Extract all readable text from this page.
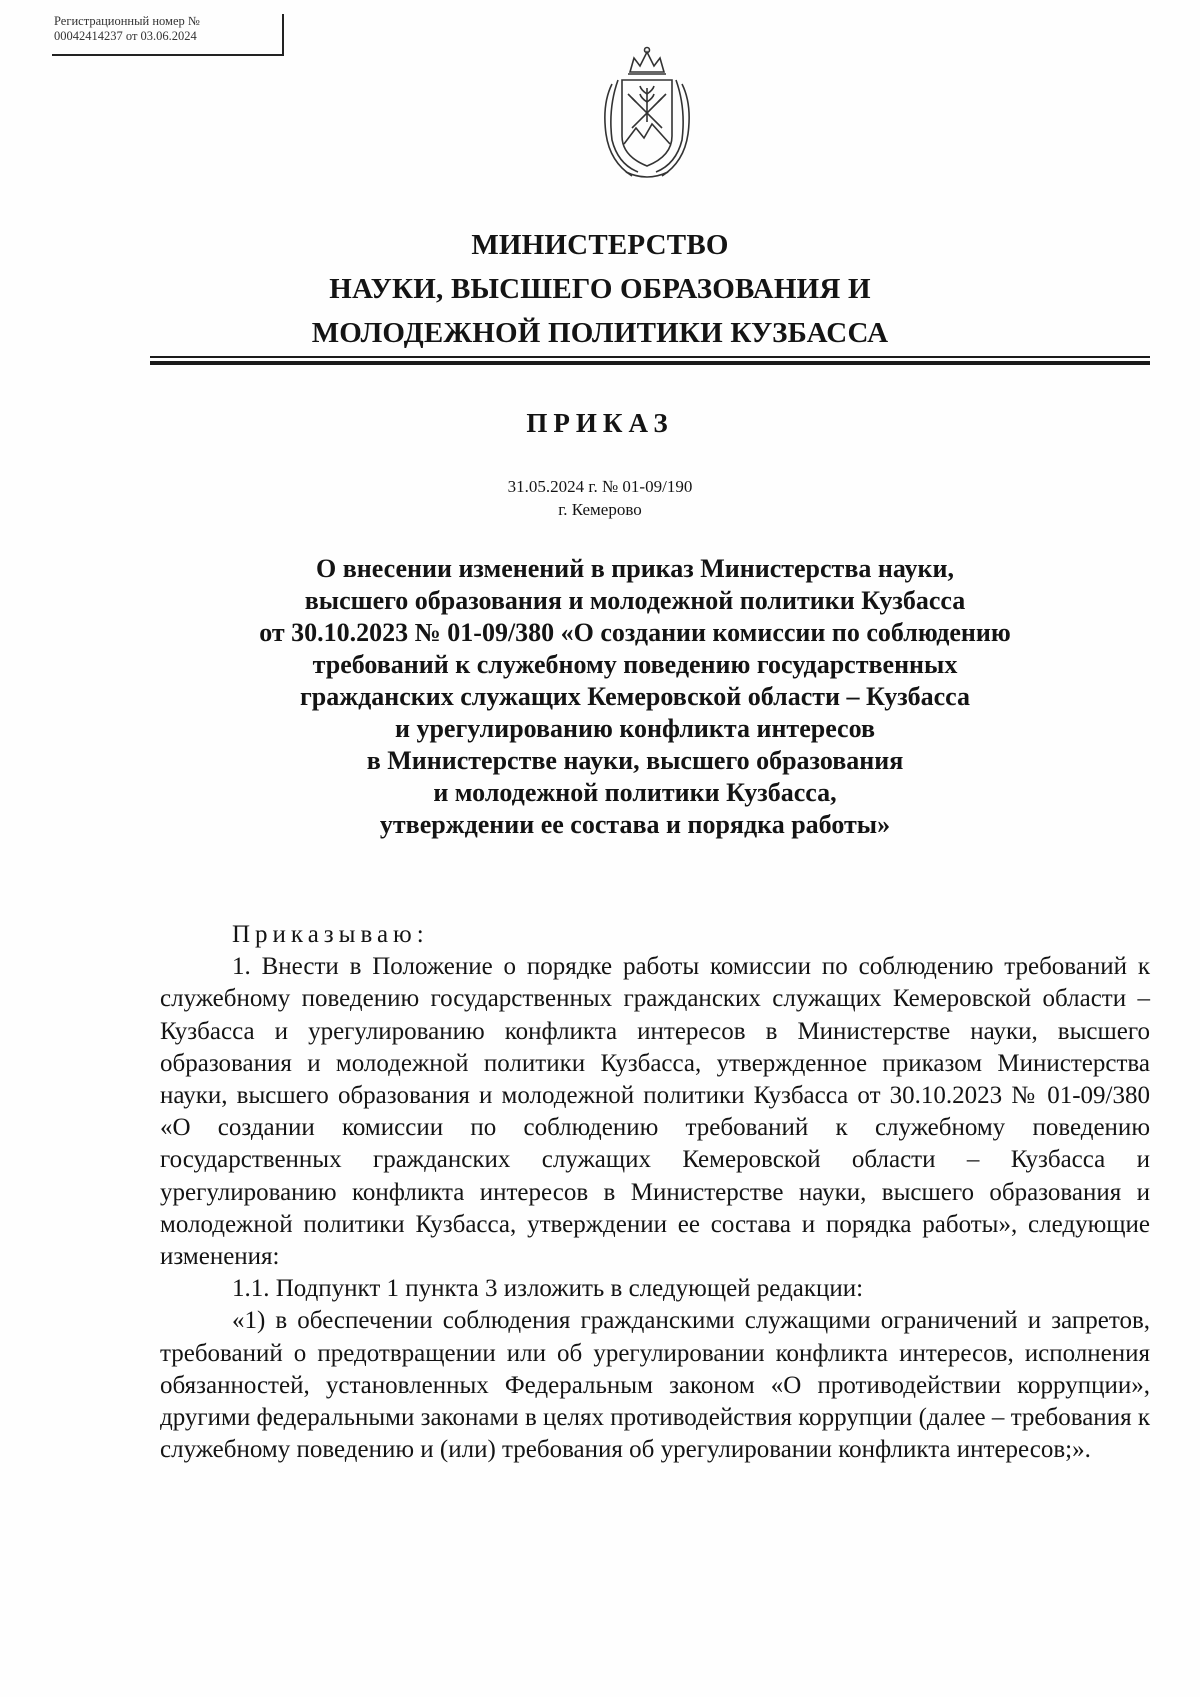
Регистрационный номер №
00042414237 от 03.06.2024
МИНИСТЕРСТВО
НАУКИ, ВЫСШЕГО ОБРАЗОВАНИЯ И
МОЛОДЕЖНОЙ ПОЛИТИКИ КУЗБАССА
ПРИКАЗ
31.05.2024 г. № 01-09/190
г. Кемерово
О внесении изменений в приказ Министерства науки,
высшего образования и молодежной политики Кузбасса
от 30.10.2023 № 01-09/380 «О создании комиссии по соблюдению
требований к служебному поведению государственных
гражданских служащих Кемеровской области – Кузбасса
и урегулированию конфликта интересов
в Министерстве науки, высшего образования
и молодежной политики Кузбасса,
утверждении ее состава и порядка работы»

Приказываю:

1. Внести в Положение о порядке работы комиссии по соблюдению требований к служебному поведению государственных гражданских служащих Кемеровской области – Кузбасса и урегулированию конфликта интересов в Министерстве науки, высшего образования и молодежной политики Кузбасса, утвержденное приказом Министерства науки, высшего образования и молодежной политики Кузбасса от 30.10.2023 № 01-09/380 «О создании комиссии по соблюдению требований к служебному поведению государственных гражданских служащих Кемеровской области – Кузбасса и урегулированию конфликта интересов в Министерстве науки, высшего образования и молодежной политики Кузбасса, утверждении ее состава и порядка работы», следующие изменения:

1.1. Подпункт 1 пункта 3 изложить в следующей редакции:

«1) в обеспечении соблюдения гражданскими служащими ограничений и запретов, требований о предотвращении или об урегулировании конфликта интересов, исполнения обязанностей, установленных Федеральным законом «О противодействии коррупции», другими федеральными законами в целях противодействия коррупции (далее – требования к служебному поведению и (или) требования об урегулировании конфликта интересов;».
